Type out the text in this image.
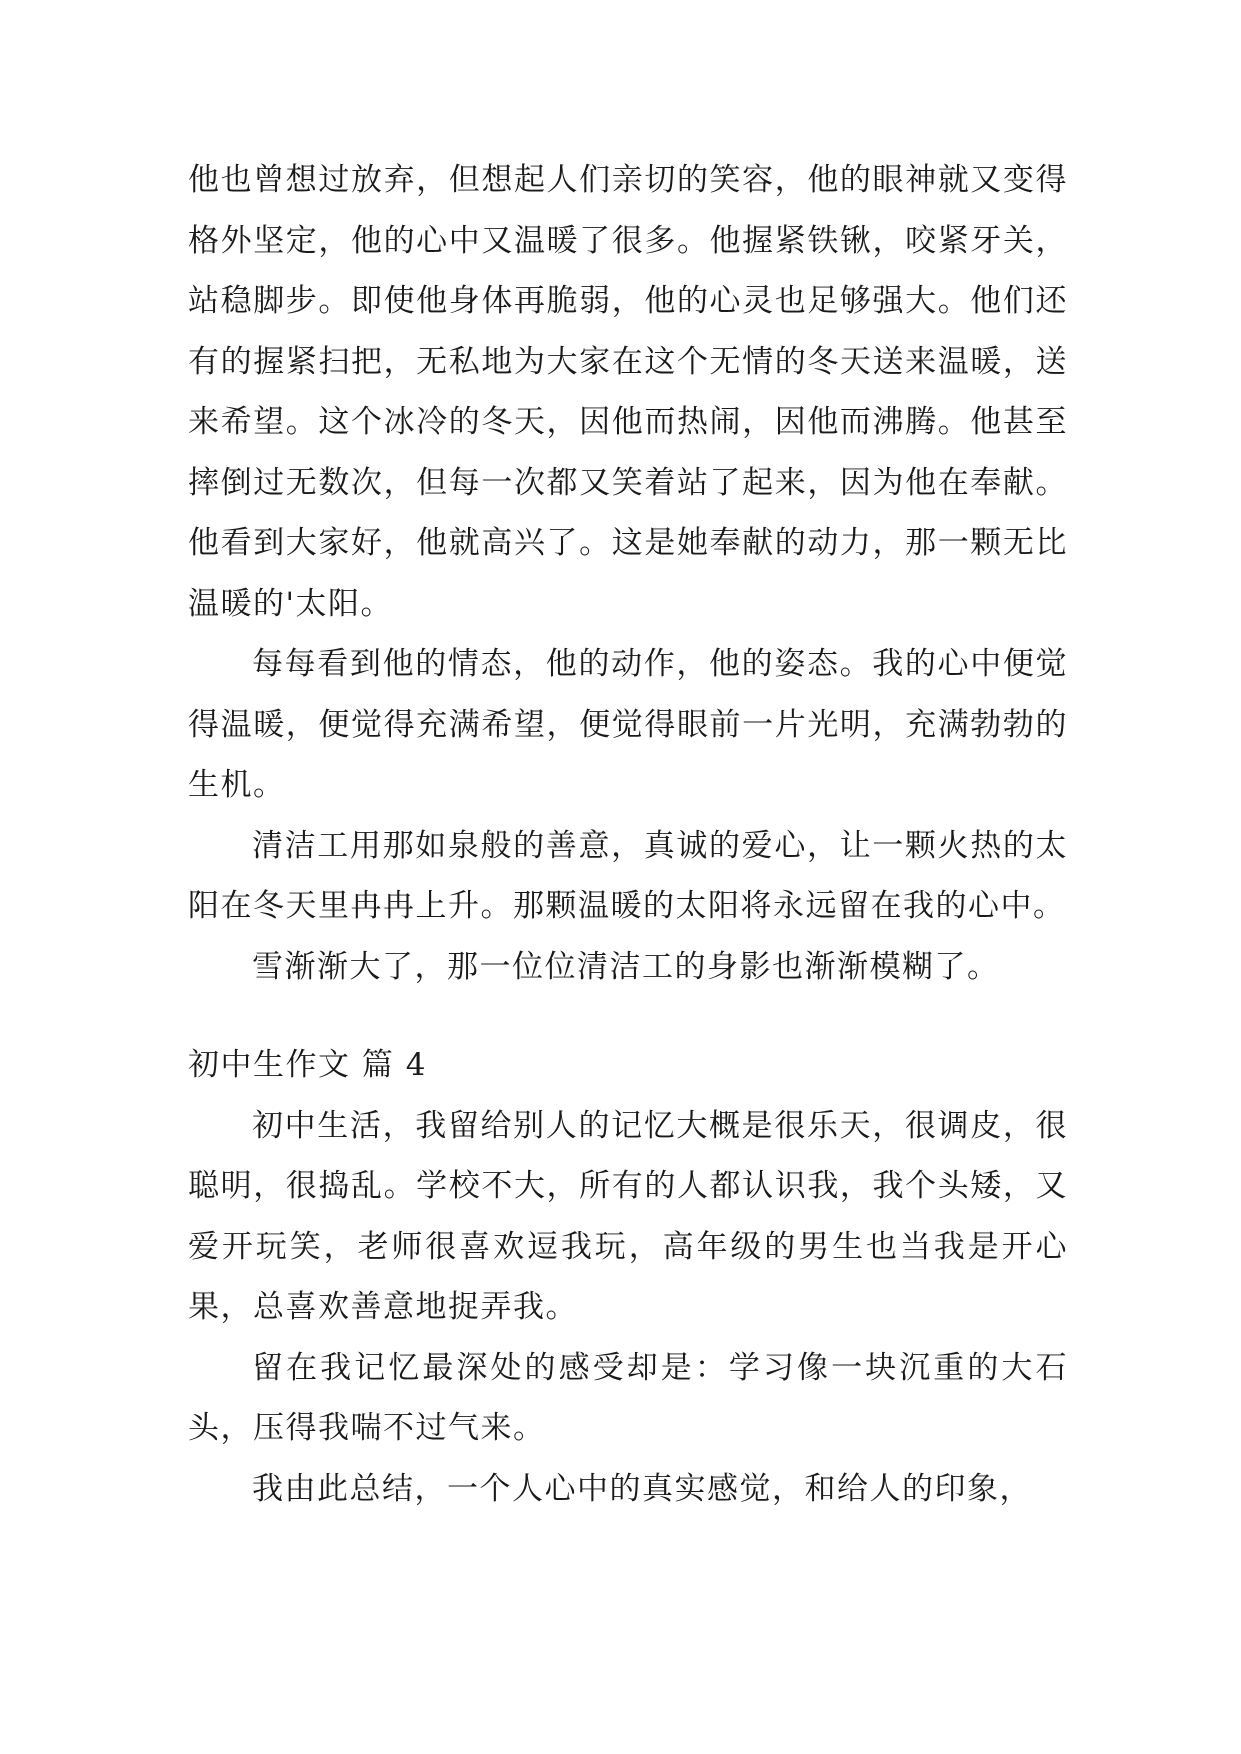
他也曾想过放弃，但想起人们亲切的笑容，他的眼神就又变得格外坚定，他的心中又温暖了很多。他握紧铁锹，咬紧牙关，站稳脚步。即使他身体再脆弱，他的心灵也足够强大。他们还有的握紧扫把，无私地为大家在这个无情的冬天送来温暖，送来希望。这个冰冷的冬天，因他而热闹，因他而沸腾。他甚至摔倒过无数次，但每一次都又笑着站了起来，因为他在奉献。他看到大家好，他就高兴了。这是她奉献的动力，那一颗无比温暖的'太阳。

每每看到他的情态，他的动作，他的姿态。我的心中便觉得温暖，便觉得充满希望，便觉得眼前一片光明，充满勃勃的生机。

清洁工用那如泉般的善意，真诚的爱心，让一颗火热的太阳在冬天里冉冉上升。那颗温暖的太阳将永远留在我的心中。

雪渐渐大了，那一位位清洁工的身影也渐渐模糊了。

初中生作文 篇 4

初中生活，我留给别人的记忆大概是很乐天，很调皮，很聪明，很捣乱。学校不大，所有的人都认识我，我个头矮，又爱开玩笑，老师很喜欢逗我玩，高年级的男生也当我是开心果，总喜欢善意地捉弄我。

留在我记忆最深处的感受却是：学习像一块沉重的大石头，压得我喘不过气来。

我由此总结，一个人心中的真实感觉，和给人的印象，
